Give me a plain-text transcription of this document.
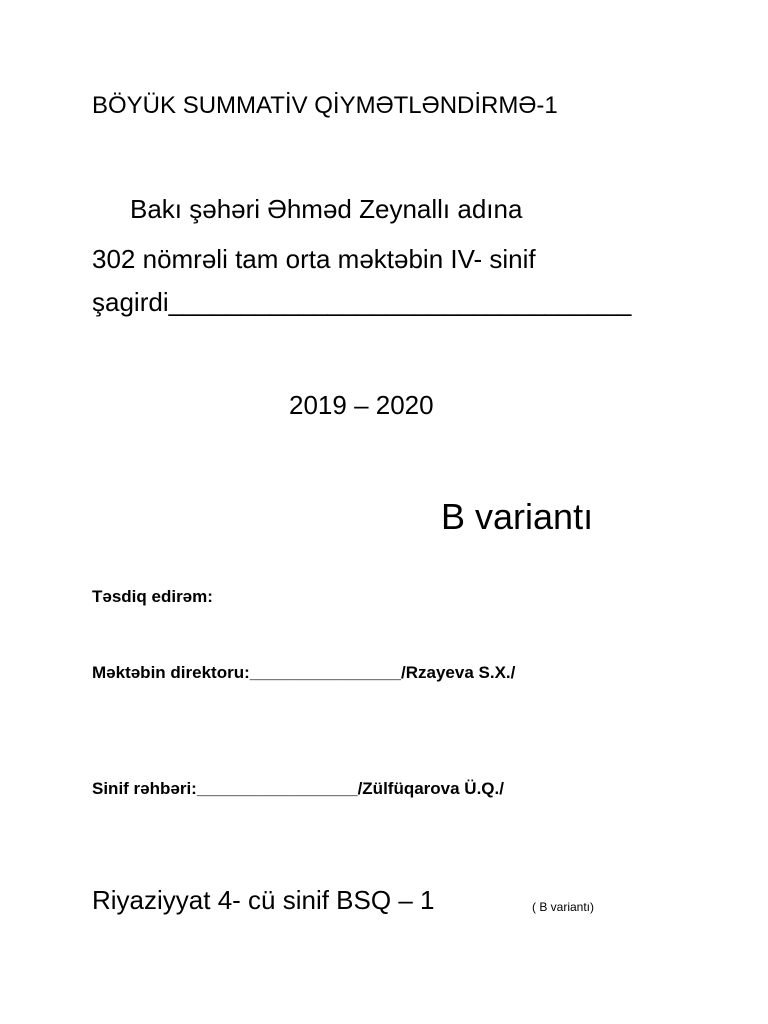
BÖYÜK SUMMATİV QİYMƏTLƏNDİRMƏ-1
Bakı şəhəri Əhməd Zeynallı adına
302 nömrəli tam orta məktəbin IV- sinif
şagirdi________________________________
2019 – 2020
B variantı
Təsdiq edirəm:
Məktəbin direktoru:________________/Rzayeva S.X./
Sinif rəhbəri:_________________/Zülfüqarova Ü.Q./
Riyaziyyat 4- cü sinif BSQ – 1	( B variantı)
